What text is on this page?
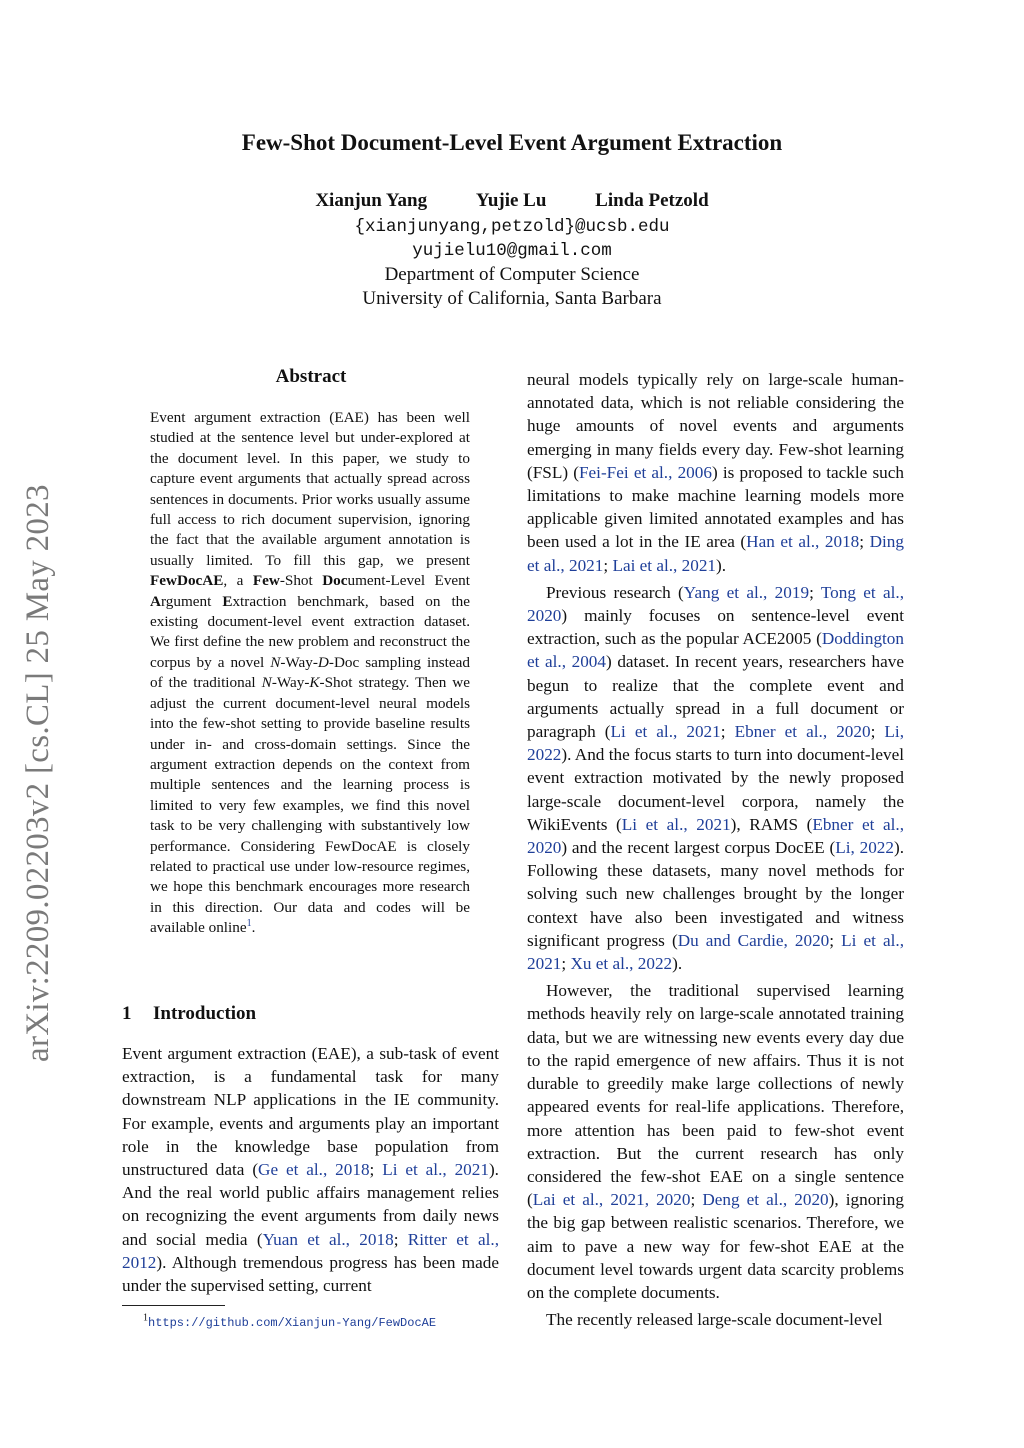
Few-Shot Document-Level Event Argument Extraction
Xianjun Yang	Yujie Lu	Linda Petzold
{xianjunyang,petzold}@ucsb.edu
yujielu10@gmail.com
Department of Computer Science
University of California, Santa Barbara
arXiv:2209.02203v2 [cs.CL] 25 May 2023
Abstract
Event argument extraction (EAE) has been well studied at the sentence level but under-explored at the document level. In this paper, we study to capture event arguments that actually spread across sentences in documents. Prior works usually assume full access to rich document supervision, ignoring the fact that the available argument annotation is usually limited. To fill this gap, we present FewDocAE, a Few-Shot Document-Level Event Argument Extraction benchmark, based on the existing document-level event extraction dataset. We first define the new problem and reconstruct the corpus by a novel N-Way-D-Doc sampling instead of the traditional N-Way-K-Shot strategy. Then we adjust the current document-level neural models into the few-shot setting to provide baseline results under in- and cross-domain settings. Since the argument extraction depends on the context from multiple sentences and the learning process is limited to very few examples, we find this novel task to be very challenging with substantively low performance. Considering FewDocAE is closely related to practical use under low-resource regimes, we hope this benchmark encourages more research in this direction. Our data and codes will be available online$^1$.
1 Introduction

Event argument extraction (EAE), a sub-task of event extraction, is a fundamental task for many downstream NLP applications in the IE community. For example, events and arguments play an important role in the knowledge base population from unstructured data (Ge et al., 2018; Li et al., 2021). And the real world public affairs management relies on recognizing the event arguments from daily news and social media (Yuan et al., 2018; Ritter et al., 2012). Although tremendous progress has been made under the supervised setting, current

neural models typically rely on large-scale human-annotated data, which is not reliable considering the huge amounts of novel events and arguments emerging in many fields every day. Few-shot learning (FSL) (Fei-Fei et al., 2006) is proposed to tackle such limitations to make machine learning models more applicable given limited annotated examples and has been used a lot in the IE area (Han et al., 2018; Ding et al., 2021; Lai et al., 2021).

Previous research (Yang et al., 2019; Tong et al., 2020) mainly focuses on sentence-level event extraction, such as the popular ACE2005 (Doddington et al., 2004) dataset. In recent years, researchers have begun to realize that the complete event and arguments actually spread in a full document or paragraph (Li et al., 2021; Ebner et al., 2020; Li, 2022). And the focus starts to turn into document-level event extraction motivated by the newly proposed large-scale document-level corpora, namely the WikiEvents (Li et al., 2021), RAMS (Ebner et al., 2020) and the recent largest corpus DocEE (Li, 2022). Following these datasets, many novel methods for solving such new challenges brought by the longer context have also been investigated and witness significant progress (Du and Cardie, 2020; Li et al., 2021; Xu et al., 2022).

However, the traditional supervised learning methods heavily rely on large-scale annotated training data, but we are witnessing new events every day due to the rapid emergence of new affairs. Thus it is not durable to greedily make large collections of newly appeared events for real-life applications. Therefore, more attention has been paid to few-shot event extraction. But the current research has only considered the few-shot EAE on a single sentence (Lai et al., 2021, 2020; Deng et al., 2020), ignoring the big gap between realistic scenarios. Therefore, we aim to pave a new way for few-shot EAE at the document level towards urgent data scarcity problems on the complete documents.

The recently released large-scale document-level

$^1$https://github.com/Xianjun-Yang/FewDocAE
